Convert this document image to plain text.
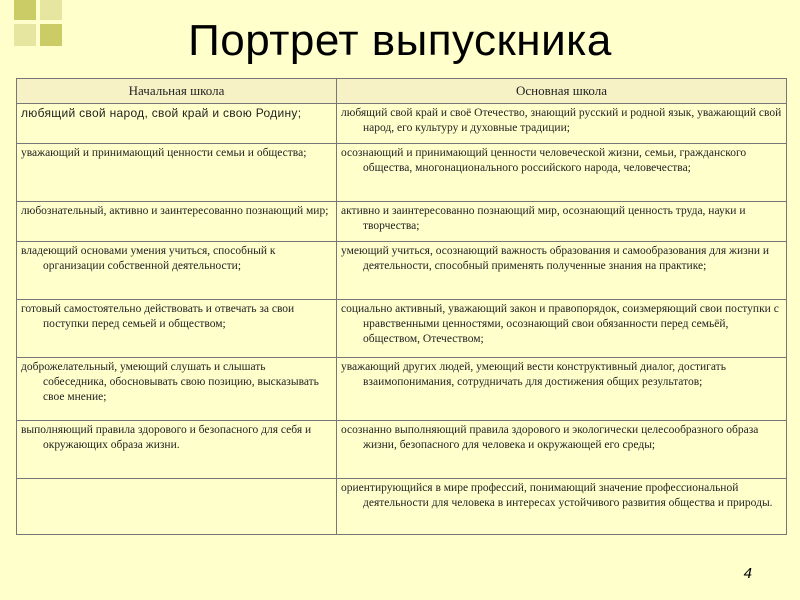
Портрет выпускника
Начальная школа	Основная школа

любящий свой народ, свой край и свою Родину;	любящий свой край и своё Отечество, знающий русский и родной язык, уважающий свой народ, его культуру и духовные традиции;

уважающий и принимающий ценности семьи и общества;	осознающий и принимающий ценности человеческой жизни, семьи, гражданского общества, многонационального российского народа, человечества;

любознательный, активно и заинтересованно познающий мир;	активно и заинтересованно познающий мир, осознающий ценность труда, науки и творчества;

владеющий основами умения учиться, способный к организации собственной деятельности;	умеющий учиться, осознающий важность образования и самообразования для жизни и деятельности, способный применять полученные знания на практике;

готовый самостоятельно действовать и отвечать за свои поступки перед семьей и обществом;	социально активный, уважающий закон и правопорядок, соизмеряющий свои поступки с нравственными ценностями, осознающий свои обязанности перед семьёй, обществом, Отечеством;

доброжелательный, умеющий слушать и слышать собеседника, обосновывать свою позицию, высказывать свое мнение;	уважающий других людей, умеющий вести конструктивный диалог, достигать взаимопонимания, сотрудничать для достижения общих результатов;

выполняющий правила здорового и безопасного для себя и окружающих образа жизни.	осознанно выполняющий правила здорового и экологически целесообразного образа жизни, безопасного для человека и окружающей его среды;

	ориентирующийся в мире профессий, понимающий значение профессиональной деятельности для человека в интересах устойчивого развития общества и природы.
4
